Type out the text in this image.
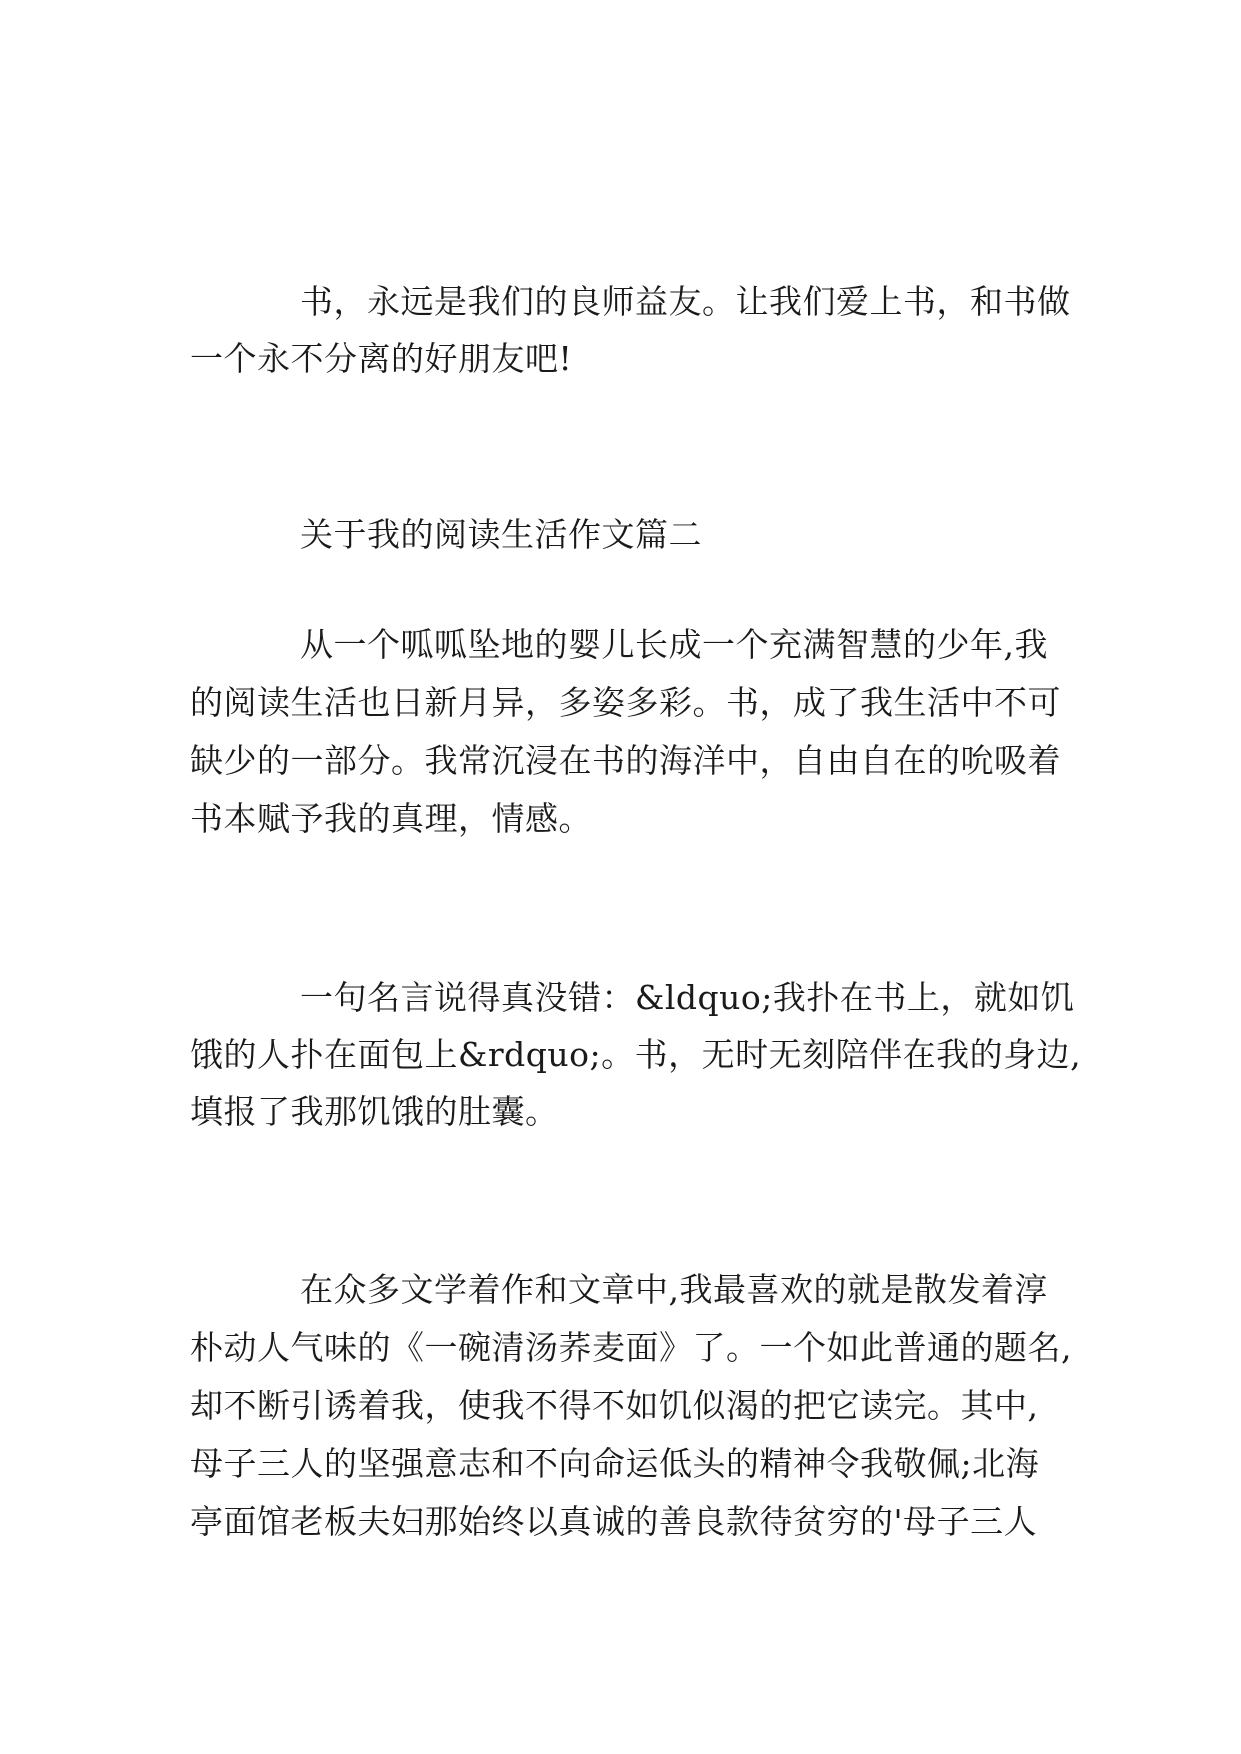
书，永远是我们的良师益友。让我们爱上书，和书做
一个永不分离的好朋友吧!
关于我的阅读生活作文篇二
从一个呱呱坠地的婴儿长成一个充满智慧的少年,我
的阅读生活也日新月异，多姿多彩。书，成了我生活中不可
缺少的一部分。我常沉浸在书的海洋中，自由自在的吮吸着
书本赋予我的真理，情感。
一句名言说得真没错：&ldquo;我扑在书上，就如饥
饿的人扑在面包上&rdquo;。书，无时无刻陪伴在我的身边,
填报了我那饥饿的肚囊。
在众多文学着作和文章中,我最喜欢的就是散发着淳
朴动人气味的《一碗清汤荞麦面》了。一个如此普通的题名,
却不断引诱着我，使我不得不如饥似渴的把它读完。其中,
母子三人的坚强意志和不向命运低头的精神令我敬佩;北海
亭面馆老板夫妇那始终以真诚的善良款待贫穷的'母子三人
